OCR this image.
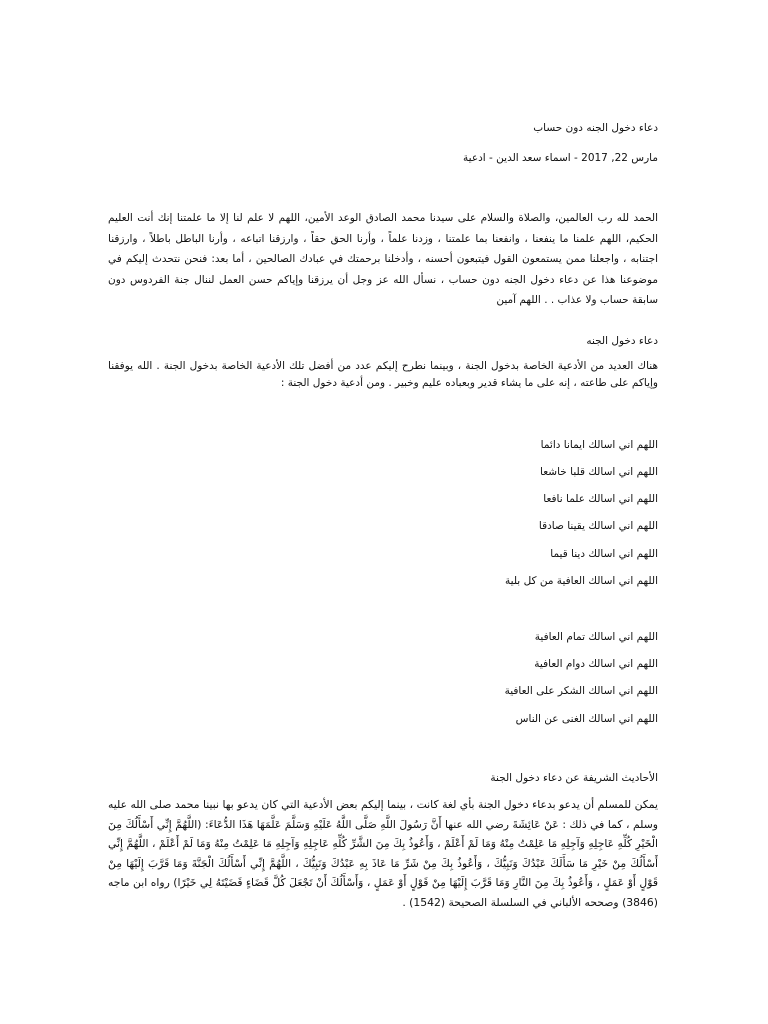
دعاء دخول الجنه دون حساب

مارس 22, 2017 - اسماء سعد الدين - ادعية

الحمد لله رب العالمين، والصلاة والسلام على سيدنا محمد الصادق الوعد الأمين، اللهم لا علم لنا إلا ما علمتنا إنك أنت العليم الحكيم، اللهم علمنا ما ينفعنا ، وانفعنا بما علمتنا ، وزدنا علماً ، وأرنا الحق حقاً ، وارزقنا اتباعه ، وأرنا الباطل باطلاً ، وارزقنا اجتنابه ، واجعلنا ممن يستمعون القول فيتبعون أحسنه ، وأدخلنا برحمتك في عبادك الصالحين ، أما بعد: فنحن نتحدث إليكم في موضوعنا هذا عن دعاء دخول الجنه دون حساب ، نسأل الله عز وجل أن يرزقنا وإياكم حسن العمل لننال جنة الفردوس دون سابقة حساب ولا عذاب . . اللهم آمين

دعاء دخول الجنه

هناك العديد من الأدعية الخاصة بدخول الجنة ، وبينما نطرح إليكم عدد من أفضل تلك الأدعية الخاصة بدخول الجنة . الله يوفقنا وإياكم على طاعته ، إنه على ما يشاء قدير وبعباده عليم وخبير . ومن أدعية دخول الجنة :

اللهم اني اسالك ايمانا دائما

اللهم اني اسالك قلبا خاشعا

اللهم اني اسالك علما نافعا

اللهم اني اسالك يقينا صادقا

اللهم اني اسالك دينا قيما

اللهم اني اسالك العافية من كل بلية

اللهم اني اسالك تمام العافية

اللهم اني اسالك دوام العافية

اللهم اني اسالك الشكر على العافية

اللهم اني اسالك الغنى عن الناس

الأحاديث الشريفة عن دعاء دخول الجنة

يمكن للمسلم أن يدعو بدعاء دخول الجنة بأي لغة كانت ، بينما إليكم بعض الأدعية التي كان يدعو بها نبينا محمد صلى الله عليه وسلم ، كما في ذلك : عَنْ عَائِشَةَ رضي الله عنها أَنَّ رَسُولَ اللَّهِ صَلَّى اللَّهُ عَلَيْهِ وَسَلَّمَ عَلَّمَهَا هَذَا الدُّعَاءَ: (اللَّهُمَّ إِنِّي أَسْأَلُكَ مِنَ الْخَيْرِ كُلِّهِ عَاجِلِهِ وَآجِلِهِ مَا عَلِمْتُ مِنْهُ وَمَا لَمْ أَعْلَمْ ، وَأَعُوذُ بِكَ مِنَ الشَّرِّ كُلِّهِ عَاجِلِهِ وَآجِلِهِ مَا عَلِمْتُ مِنْهُ وَمَا لَمْ أَعْلَمْ ، اللَّهُمَّ إِنِّي أَسْأَلُكَ مِنْ خَيْرِ مَا سَأَلَكَ عَبْدُكَ وَنَبِيُّكَ ، وَأَعُوذُ بِكَ مِنْ شَرِّ مَا عَاذَ بِهِ عَبْدُكَ وَنَبِيُّكَ ، اللَّهُمَّ إِنِّي أَسْأَلُكَ الْجَنَّةَ وَمَا قَرَّبَ إِلَيْهَا مِنْ قَوْلٍ أَوْ عَمَلٍ ، وَأَعُوذُ بِكَ مِنَ النَّارِ وَمَا قَرَّبَ إِلَيْهَا مِنْ قَوْلٍ أَوْ عَمَلٍ ، وَأَسْأَلُكَ أَنْ تَجْعَلَ كُلَّ قَضَاءٍ قَضَيْتَهُ لِي خَيْرًا) رواه ابن ماجه (3846) وصححه الألباني في السلسلة الصحيحة (1542) .
